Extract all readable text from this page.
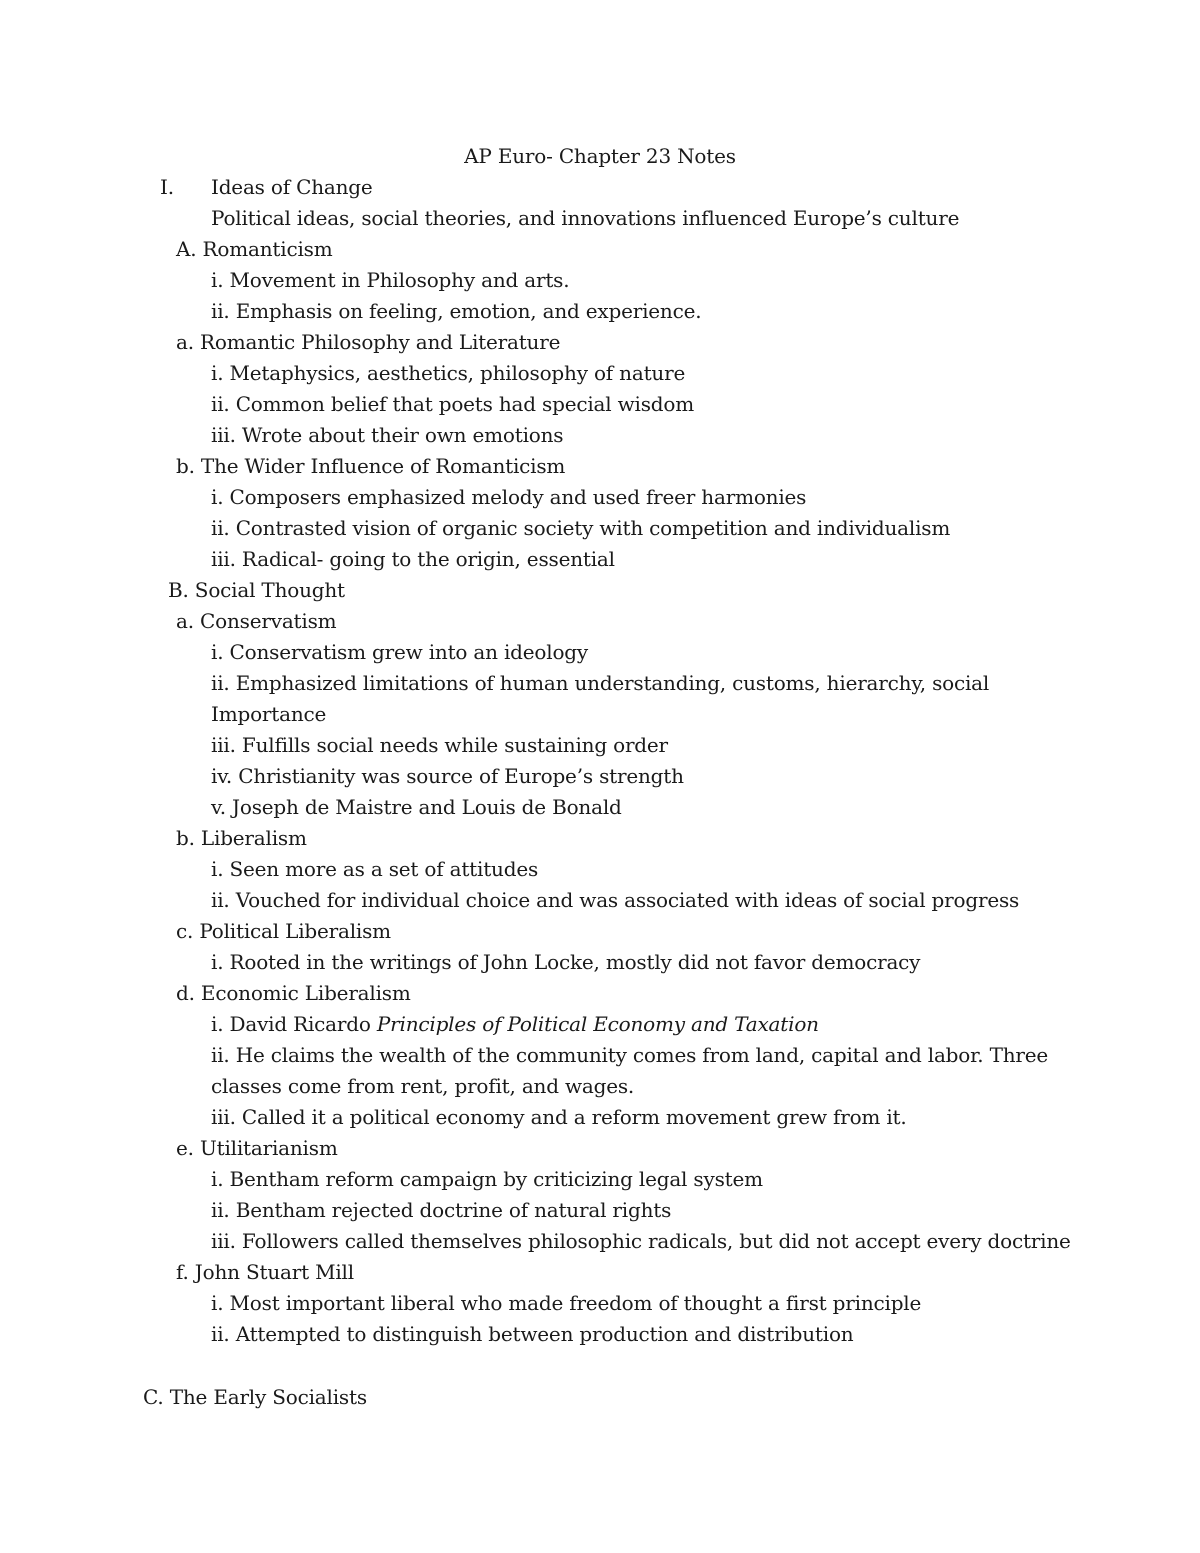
AP Euro- Chapter 23 Notes
I. Ideas of Change
Political ideas, social theories, and innovations influenced Europe’s culture
A. Romanticism
i. Movement in Philosophy and arts.
ii. Emphasis on feeling, emotion, and experience.
a. Romantic Philosophy and Literature
i. Metaphysics, aesthetics, philosophy of nature
ii. Common belief that poets had special wisdom
iii. Wrote about their own emotions
b. The Wider Influence of Romanticism
i. Composers emphasized melody and used freer harmonies
ii. Contrasted vision of organic society with competition and individualism
iii. Radical- going to the origin, essential
B. Social Thought
a. Conservatism
i. Conservatism grew into an ideology
ii. Emphasized limitations of human understanding, customs, hierarchy, social
Importance
iii. Fulfills social needs while sustaining order
iv. Christianity was source of Europe’s strength
v. Joseph de Maistre and Louis de Bonald
b. Liberalism
i. Seen more as a set of attitudes
ii. Vouched for individual choice and was associated with ideas of social progress
c. Political Liberalism
i. Rooted in the writings of John Locke, mostly did not favor democracy
d. Economic Liberalism
i. David Ricardo Principles of Political Economy and Taxation
ii. He claims the wealth of the community comes from land, capital and labor. Three
classes come from rent, profit, and wages.
iii. Called it a political economy and a reform movement grew from it.
e. Utilitarianism
i. Bentham reform campaign by criticizing legal system
ii. Bentham rejected doctrine of natural rights
iii. Followers called themselves philosophic radicals, but did not accept every doctrine
f. John Stuart Mill
i. Most important liberal who made freedom of thought a first principle
ii. Attempted to distinguish between production and distribution
C. The Early Socialists
